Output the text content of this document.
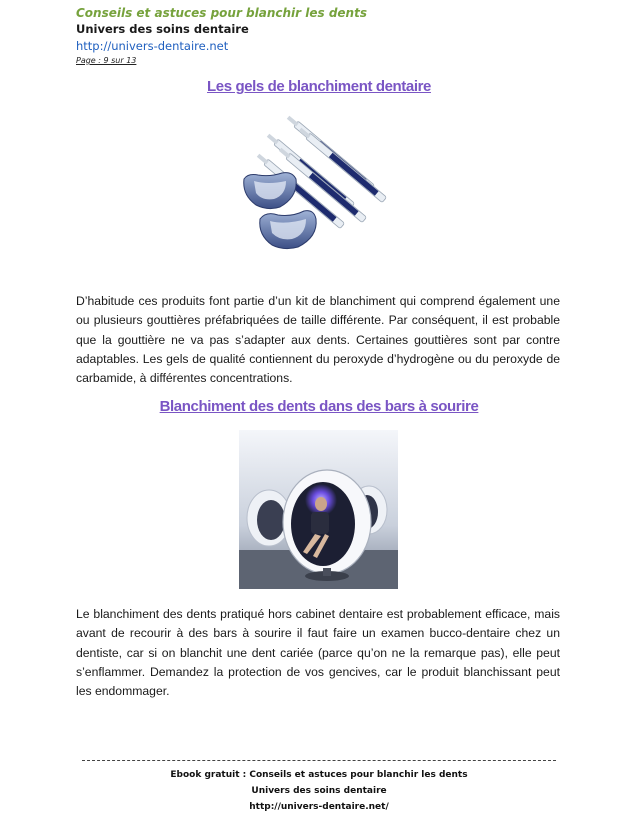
Conseils et astuces pour blanchir les dents
Univers des soins dentaire
http://univers-dentaire.net
Page : 9 sur 13
Les gels de blanchiment dentaire

D’habitude ces produits font partie d’un kit de blanchiment qui comprend également une ou plusieurs gouttières préfabriquées de taille différente. Par conséquent, il est probable que la gouttière ne va pas s’adapter aux dents. Certaines gouttières sont par contre adaptables. Les gels de qualité contiennent du peroxyde d’hydrogène ou du peroxyde de carbamide, à différentes concentrations.

Blanchiment des dents dans des bars à sourire

Le blanchiment des dents pratiqué hors cabinet dentaire est probablement efficace, mais avant de recourir à des bars à sourire il faut faire un examen bucco-dentaire chez un dentiste, car si on blanchit une dent cariée (parce qu’on ne la remarque pas), elle peut s’enflammer. Demandez la protection de vos gencives, car le produit blanchissant peut les endommager.

Ebook gratuit : Conseils et astuces pour blanchir les dents
Univers des soins dentaire
http://univers-dentaire.net/
